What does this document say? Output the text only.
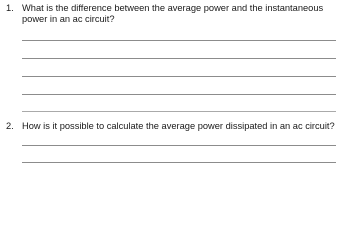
1. What is the difference between the average power and the instantaneous
power in an ac circuit?
2. How is it possible to calculate the average power dissipated in an ac circuit?
